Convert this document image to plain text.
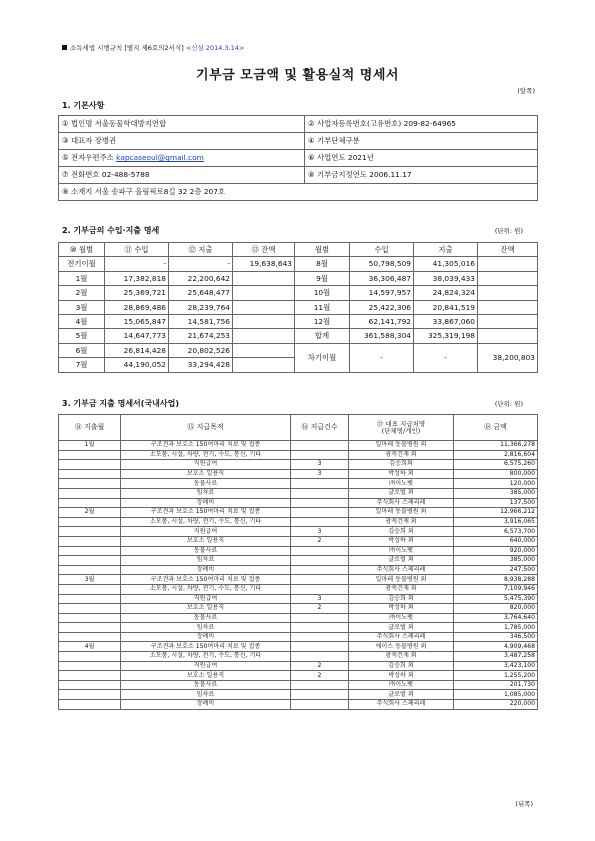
소득세법 시행규칙 [별지 제6호의2서식] <신설 2014.3.14>
기부금 모금액 및 활용실적 명세서
(앞쪽)
1. 기본사항
① 법인명 서울동물학대방지연합	② 사업자등록번호(고유번호) 209-82-64965
③ 대표자 장병권	④ 기부단체구분
⑤ 전자우편주소 kapcaseoul@gmail.com	⑥ 사업연도 2021년
⑦ 전화번호 02-488-5788	⑧ 기부금지정연도 2006.11.17
⑨ 소재지 서울 송파구 올림픽로8길 32 2층 207호	
2. 기부금의 수입·지출 명세	(단위: 원)
⑩ 월별	⑪ 수입	⑫ 지출	⑬ 잔액	월별	수입	지출	잔액
전기이월	-	-	19,638,643	8월	50,798,509	41,305,016	
1월	17,382,818	22,200,642		9월	36,306,487	38,039,433	
2월	25,369,721	25,648,477		10월	14,597,957	24,824,324	
3월	28,869,486	28,239,764		11월	25,422,306	20,841,519	
4월	15,065,847	14,581,756		12월	62,141,792	33,867,060	
5월	14,647,773	21,674,253		합계	361,588,304	325,319,198	
6월	26,814,428	20,802,526		차기이월	-	-	38,200,803
7월	44,190,052	33,294,428					
3. 기부금 지출 명세서(국내사업)	(단위: 원)
⑭ 지출월	⑮ 지급목적	⑯ 지급건수	⑰ 대표 지급처명
(단체명/개인)	⑱ 금액
1월	구조견과 보호소 150여마리 치료 및 접종		일마레 동물병원 외	11,366,278
	소모품, 시설, 차량, 전기, 수도, 통신, 기타		광적건재 외	2,816,604
	직원급여	3	김승희외	6,575,260
	보호소 일용직	3	박성하 외	800,000
	동물사료		㈜이노펫	120,000
	임차료		글로벌 외	385,000
	장례비		주식회사 스페리레	137,500
2월	구조견과 보호소 150여마리 치료 및 접종		일마레 동물병원 외	12,966,212
	소모품, 시설, 차량, 전기, 수도, 통신, 기타		광적건재 외	3,916,065
	직원급여	3	김승희 외	6,573,700
	보호소 일용직	2	박성하 외	640,000
	동물사료		㈜이노펫	920,000
	임차료		글로벌 외	385,000
	장례비		주식회사 스페리레	247,500
3월	구조견과 보호소 150여마리 치료 및 접종		일마레 동물병원 외	8,938,288
	소모품, 시설, 차량, 전기, 수도, 통신, 기타		광적건재 외	7,109,946
	직원급여	3	김승희 외	5,475,390
	보호소 일용직	2	박성하 외	820,000
	동물사료		㈜이노펫	3,764,640
	임차료		글로벌 외	1,785,000
	장례비		주식회사 스페리레	346,500
4월	구조견과 보호소 150여마리 치료 및 접종		에이스 동물병원 외	4,909,468
	소모품, 시설, 차량, 전기, 수도, 통신, 기타		광적건재 외	3,487,258
	직원급여	2	김승희 외	3,423,100
	보호소 일용직	2	박성하 외	1,255,200
	동물사료		㈜이노펫	201,730
	임차료		글로벌 외	1,085,000
	장례비		주식회사 스페리레	220,000
(뒤쪽)
